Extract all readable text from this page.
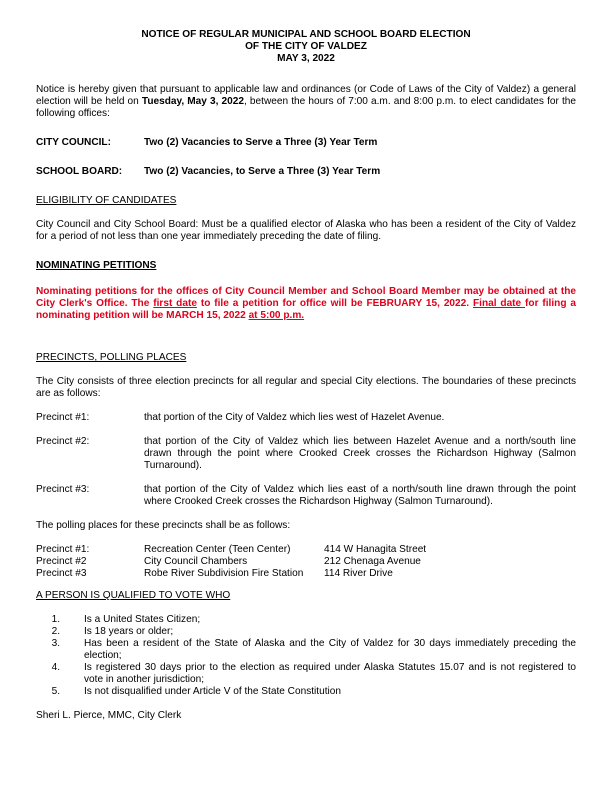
NOTICE OF REGULAR MUNICIPAL AND SCHOOL BOARD ELECTION
OF THE CITY OF VALDEZ
MAY 3, 2022

Notice is hereby given that pursuant to applicable law and ordinances (or Code of Laws of the City of Valdez) a general election will be held on Tuesday, May 3, 2022, between the hours of 7:00 a.m. and 8:00 p.m. to elect candidates for the following offices:

CITY COUNCIL:	Two (2) Vacancies to Serve a Three (3) Year Term
SCHOOL BOARD:	Two (2) Vacancies, to Serve a Three (3) Year Term

ELIGIBILITY OF CANDIDATES

City Council and City School Board: Must be a qualified elector of Alaska who has been a resident of the City of Valdez for a period of not less than one year immediately preceding the date of filing.

NOMINATING PETITIONS

Nominating petitions for the offices of City Council Member and School Board Member may be obtained at the City Clerk's Office. The first date to file a petition for office will be FEBRUARY 15, 2022. Final date for filing a nominating petition will be MARCH 15, 2022 at 5:00 p.m.

PRECINCTS, POLLING PLACES

The City consists of three election precincts for all regular and special City elections. The boundaries of these precincts are as follows:

Precinct #1:	that portion of the City of Valdez which lies west of Hazelet Avenue.
Precinct #2:	that portion of the City of Valdez which lies between Hazelet Avenue and a north/south line drawn through the point where Crooked Creek crosses the Richardson Highway (Salmon Turnaround).
Precinct #3:	that portion of the City of Valdez which lies east of a north/south line drawn through the point where Crooked Creek crosses the Richardson Highway (Salmon Turnaround).

The polling places for these precincts shall be as follows:

Precinct #1:	Recreation Center (Teen Center)	414 W Hanagita Street
Precinct #2	City Council Chambers	212 Chenaga Avenue
Precinct #3	Robe River Subdivision Fire Station	114 River Drive

A PERSON IS QUALIFIED TO VOTE WHO

1.	Is a United States Citizen;
2.	Is 18 years or older;
3.	Has been a resident of the State of Alaska and the City of Valdez for 30 days immediately preceding the election;
4.	Is registered 30 days prior to the election as required under Alaska Statutes 15.07 and is not registered to vote in another jurisdiction;
5.	Is not disqualified under Article V of the State Constitution

Sheri L. Pierce, MMC, City Clerk
